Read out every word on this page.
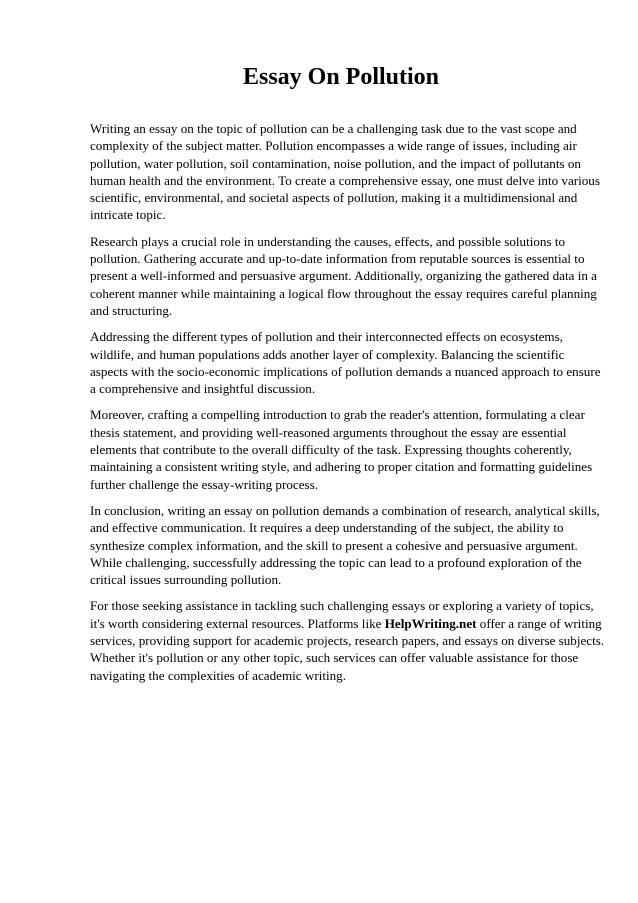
Essay On Pollution

Writing an essay on the topic of pollution can be a challenging task due to the vast scope and complexity of the subject matter. Pollution encompasses a wide range of issues, including air pollution, water pollution, soil contamination, noise pollution, and the impact of pollutants on human health and the environment. To create a comprehensive essay, one must delve into various scientific, environmental, and societal aspects of pollution, making it a multidimensional and intricate topic.

Research plays a crucial role in understanding the causes, effects, and possible solutions to pollution. Gathering accurate and up-to-date information from reputable sources is essential to present a well-informed and persuasive argument. Additionally, organizing the gathered data in a coherent manner while maintaining a logical flow throughout the essay requires careful planning and structuring.

Addressing the different types of pollution and their interconnected effects on ecosystems, wildlife, and human populations adds another layer of complexity. Balancing the scientific aspects with the socio-economic implications of pollution demands a nuanced approach to ensure a comprehensive and insightful discussion.

Moreover, crafting a compelling introduction to grab the reader's attention, formulating a clear thesis statement, and providing well-reasoned arguments throughout the essay are essential elements that contribute to the overall difficulty of the task. Expressing thoughts coherently, maintaining a consistent writing style, and adhering to proper citation and formatting guidelines further challenge the essay-writing process.

In conclusion, writing an essay on pollution demands a combination of research, analytical skills, and effective communication. It requires a deep understanding of the subject, the ability to synthesize complex information, and the skill to present a cohesive and persuasive argument. While challenging, successfully addressing the topic can lead to a profound exploration of the critical issues surrounding pollution.

For those seeking assistance in tackling such challenging essays or exploring a variety of topics, it's worth considering external resources. Platforms like HelpWriting.net offer a range of writing services, providing support for academic projects, research papers, and essays on diverse subjects. Whether it's pollution or any other topic, such services can offer valuable assistance for those navigating the complexities of academic writing.
